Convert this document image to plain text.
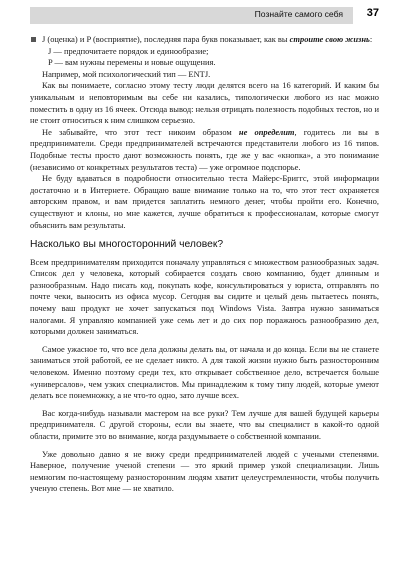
Познайте самого себя 37
J (оценка) и P (восприятие), последняя пара букв показывает, как вы строите свою жизнь:
J — предпочитаете порядок и единообразие;
P — вам нужны перемены и новые ощущения.
Например, мой психологический тип — ENTJ.

Как вы понимаете, согласно этому тесту люди делятся всего на 16 категорий. И каким бы уникальным и неповторимым вы себе ни казались, типологически любого из нас можно поместить в одну из 16 ячеек. Отсюда вывод: нельзя отрицать полезность подобных тестов, но и не стоит относиться к ним слишком серьезно.

Не забывайте, что этот тест никоим образом не определит, годитесь ли вы в предприниматели. Среди предпринимателей встречаются представители любого из 16 типов. Подобные тесты просто дают возможность понять, где же у вас «кнопка», а это понимание (независимо от конкретных результатов теста) — уже огромное подспорье.

Не буду вдаваться в подробности относительно теста Майерс-Бриггс, этой информации достаточно и в Интернете. Обращаю ваше внимание только на то, что этот тест охраняется авторским правом, и вам придется заплатить немного денег, чтобы пройти его. Конечно, существуют и клоны, но мне кажется, лучше обратиться к профессионалам, которые смогут объяснить вам результаты.

Насколько вы многосторонний человек?

Всем предпринимателям приходится поначалу управляться с множеством разнообразных задач. Список дел у человека, который собирается создать свою компанию, будет длинным и разнообразным. Надо писать код, покупать кофе, консультироваться у юриста, отправлять по почте чеки, выносить из офиса мусор. Сегодня вы сидите и целый день пытаетесь понять, почему ваш продукт не хочет запускаться под Windows Vista. Завтра нужно заниматься налогами. Я управляю компанией уже семь лет и до сих пор поражаюсь разнообразию дел, которыми должен заниматься.

Самое ужасное то, что все дела должны делать вы, от начала и до конца. Если вы не станете заниматься этой работой, ее не сделает никто. А для такой жизни нужно быть разносторонним человеком. Именно поэтому среди тех, кто открывает собственное дело, встречается больше «универсалов», чем узких специалистов. Мы принадлежим к тому типу людей, которые умеют делать все понемножку, а не что-то одно, зато лучше всех.

Вас когда-нибудь называли мастером на все руки? Тем лучше для вашей будущей карьеры предпринимателя. С другой стороны, если вы знаете, что вы специалист в какой-то одной области, примите это во внимание, когда раздумываете о собственной компании.

Уже довольно давно я не вижу среди предпринимателей людей с учеными степенями. Наверное, получение ученой степени — это яркий пример узкой специализации. Лишь немногим по-настоящему разносторонним людям хватит целеустремленности, чтобы получить ученую степень. Вот мне — не хватило.
